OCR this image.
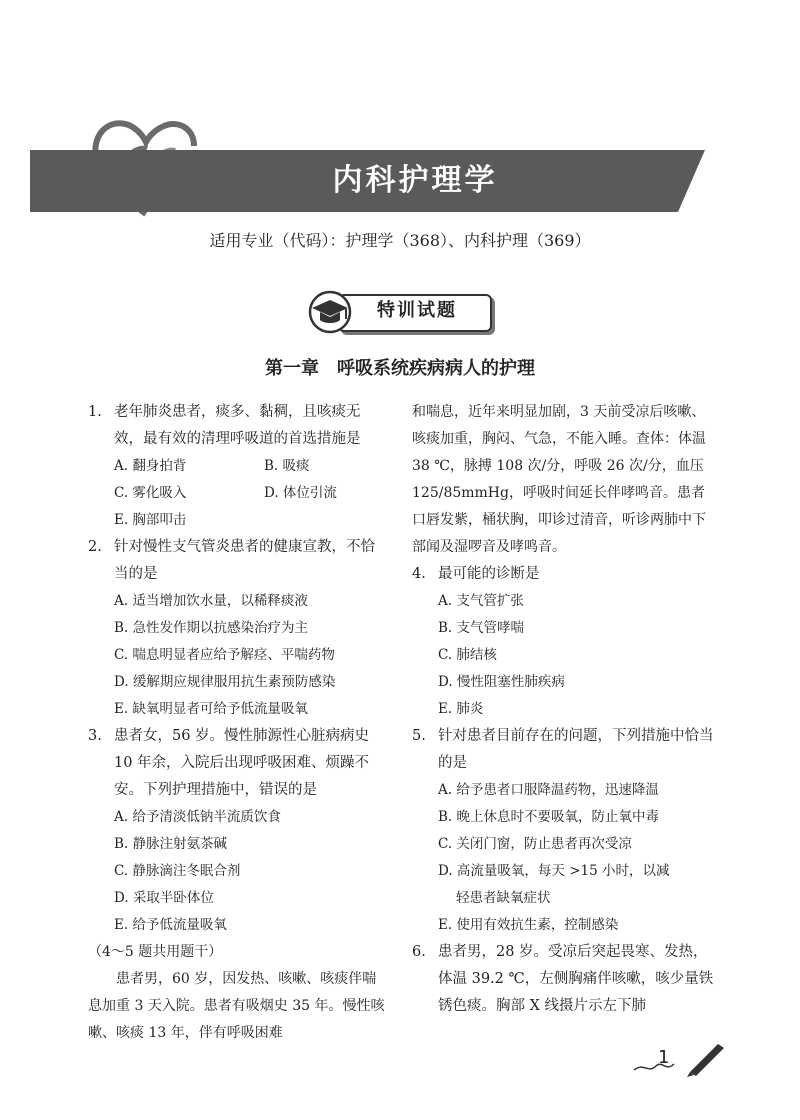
内科护理学
适用专业（代码）：护理学（368）、内科护理（369）
特训试题
第一章　呼吸系统疾病病人的护理
1. 老年肺炎患者，痰多、黏稠，且咳痰无效，最有效的清理呼吸道的首选措施是
A. 翻身拍背	B. 吸痰
C. 雾化吸入	D. 体位引流
E. 胸部叩击
2. 针对慢性支气管炎患者的健康宣教，不恰当的是
A. 适当增加饮水量，以稀释痰液
B. 急性发作期以抗感染治疗为主
C. 喘息明显者应给予解痉、平喘药物
D. 缓解期应规律服用抗生素预防感染
E. 缺氧明显者可给予低流量吸氧
3. 患者女，56 岁。慢性肺源性心脏病病史 10 年余，入院后出现呼吸困难、烦躁不安。下列护理措施中，错误的是
A. 给予清淡低钠半流质饮食
B. 静脉注射氨茶碱
C. 静脉滴注冬眠合剂
D. 采取半卧体位
E. 给予低流量吸氧
（4～5 题共用题干）
患者男，60 岁，因发热、咳嗽、咳痰伴喘息加重 3 天入院。患者有吸烟史 35 年。慢性咳嗽、咳痰 13 年，伴有呼吸困难
和喘息，近年来明显加剧，3 天前受凉后咳嗽、咳痰加重，胸闷、气急，不能入睡。查体：体温 38 ℃，脉搏 108 次/分，呼吸 26 次/分，血压 125/85mmHg，呼吸时间延长伴哮鸣音。患者口唇发紫，桶状胸，叩诊过清音，听诊两肺中下部闻及湿啰音及哮鸣音。
4. 最可能的诊断是
A. 支气管扩张
B. 支气管哮喘
C. 肺结核
D. 慢性阻塞性肺疾病
E. 肺炎
5. 针对患者目前存在的问题，下列措施中恰当的是
A. 给予患者口服降温药物，迅速降温
B. 晚上休息时不要吸氧，防止氧中毒
C. 关闭门窗，防止患者再次受凉
D. 高流量吸氧，每天 >15 小时，以减
轻患者缺氧症状
E. 使用有效抗生素，控制感染
6. 患者男，28 岁。受凉后突起畏寒、发热，体温 39.2 ℃，左侧胸痛伴咳嗽，咳少量铁锈色痰。胸部 X 线摄片示左下肺
1
